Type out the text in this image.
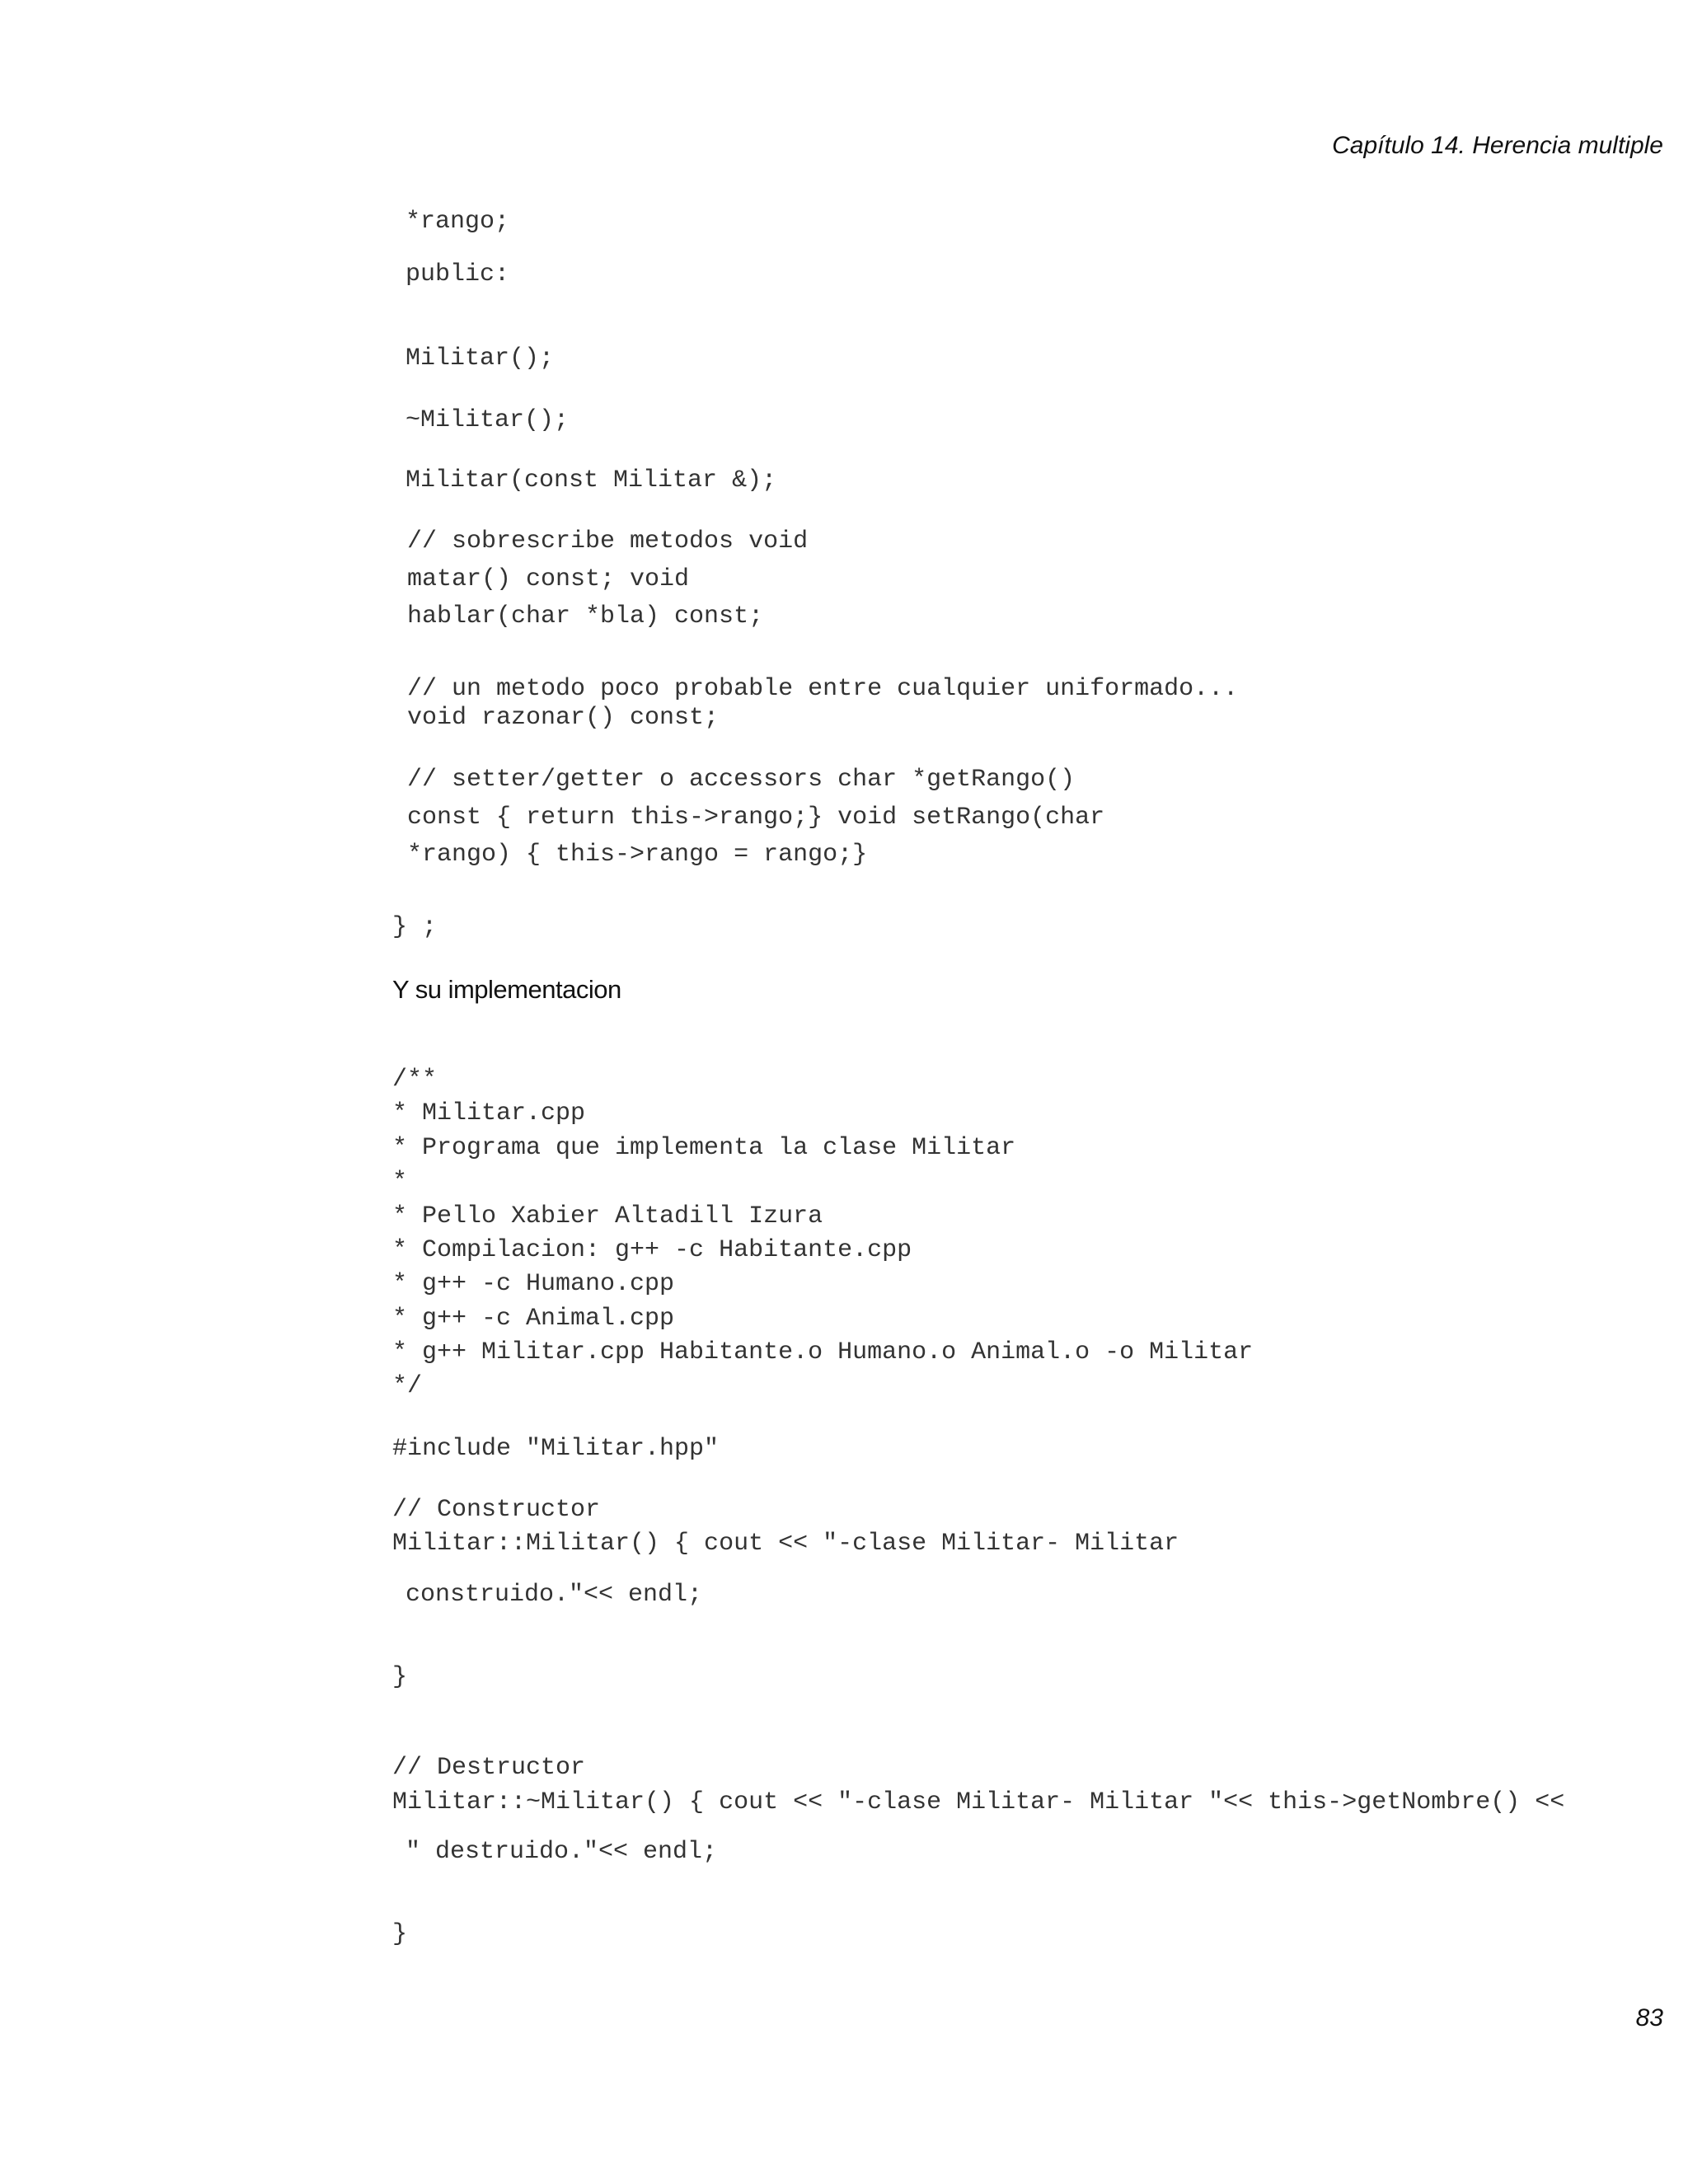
Capítulo 14. Herencia multiple
*rango;
public:
Militar();
~Militar();
Militar(const Militar &);
// sobrescribe metodos void
matar() const; void
hablar(char *bla) const;
// un metodo poco probable entre cualquier uniformado...
void razonar() const;
// setter/getter o accessors char *getRango()
const { return this->rango;} void setRango(char
*rango) { this->rango = rango;}
} ;
Y su implementacion
/**
* Militar.cpp
* Programa que implementa la clase Militar
*
* Pello Xabier Altadill Izura
* Compilacion: g++ -c Habitante.cpp
* g++ -c Humano.cpp
* g++ -c Animal.cpp
* g++ Militar.cpp Habitante.o Humano.o Animal.o -o Militar
*/
#include "Militar.hpp"
// Constructor
Militar::Militar() { cout << "-clase Militar- Militar
construido."<< endl;
}
// Destructor
Militar::~Militar() { cout << "-clase Militar- Militar "<< this->getNombre() <<
" destruido."<< endl;
}
83
